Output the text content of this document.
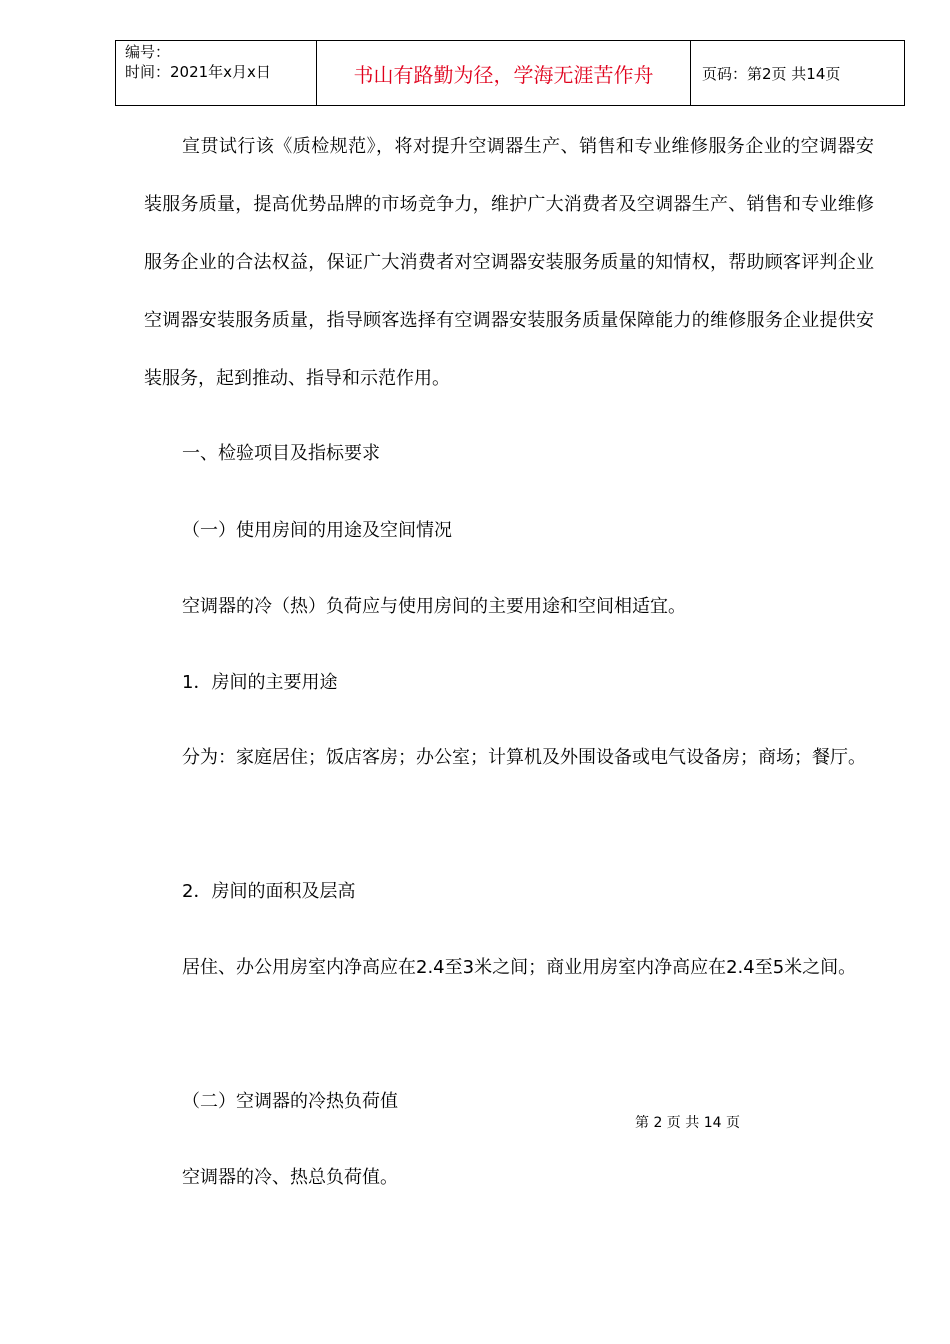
编号：
时间：2021年x月x日	书山有路勤为径，学海无涯苦作舟	页码：第2页 共14页

宣贯试行该《质检规范》，将对提升空调器生产、销售和专业维修服务企业的空调器安装服务质量，提高优势品牌的市场竞争力，维护广大消费者及空调器生产、销售和专业维修服务企业的合法权益，保证广大消费者对空调器安装服务质量的知情权，帮助顾客评判企业空调器安装服务质量，指导顾客选择有空调器安装服务质量保障能力的维修服务企业提供安装服务，起到推动、指导和示范作用。

一、检验项目及指标要求
（一）使用房间的用途及空间情况
空调器的冷（热）负荷应与使用房间的主要用途和空间相适宜。
1．房间的主要用途

分为：家庭居住；饭店客房；办公室；计算机及外围设备或电气设备房；商场；餐厅。

2．房间的面积及层高

居住、办公用房室内净高应在2.4至3米之间；商业用房室内净高应在2.4至5米之间。

（二）空调器的冷热负荷值
第 2 页 共 14 页
空调器的冷、热总负荷值。
